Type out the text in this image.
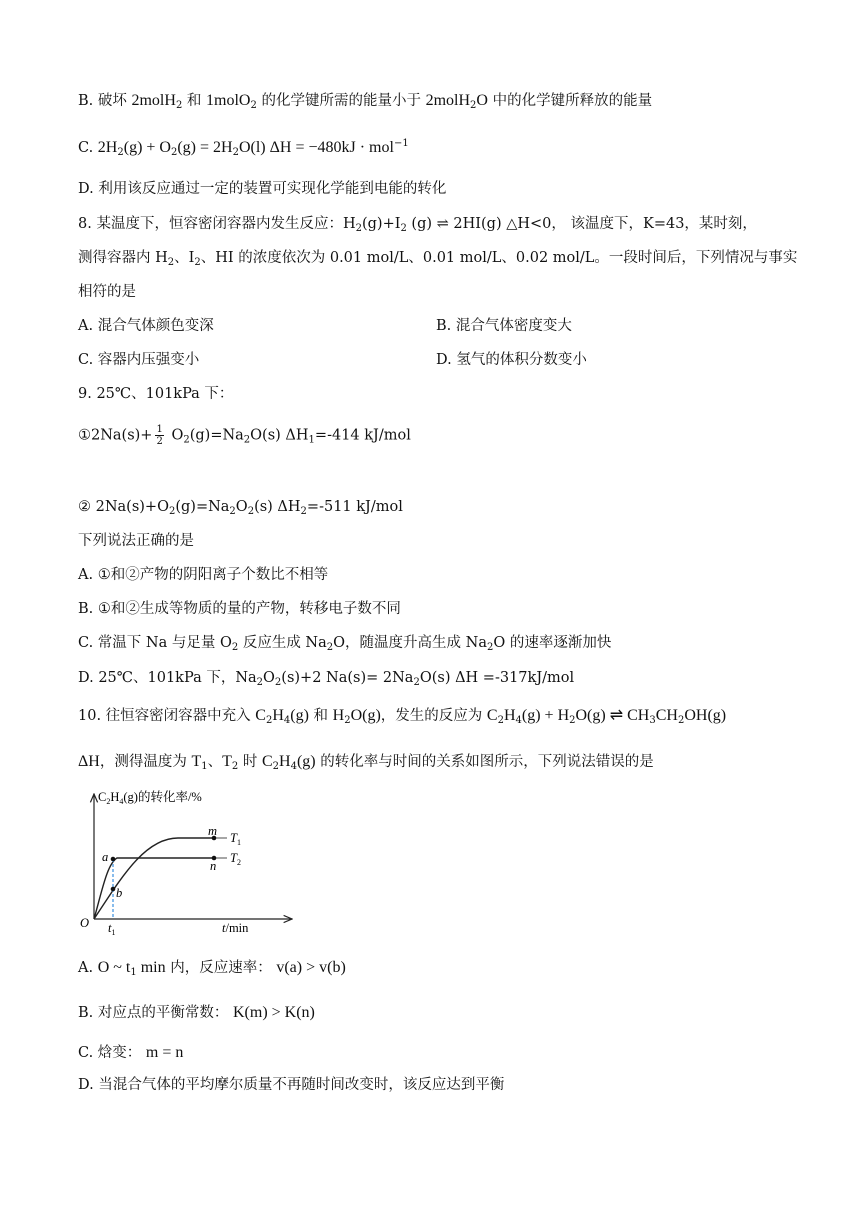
B. 破坏 2molH$_2$ 和 1molO$_2$ 的化学键所需的能量小于 2molH$_2$O 中的化学键所释放的能量
C. $2H_2(g) + O_2(g) = 2H_2O(l) \Delta H = -480kJ \cdot mol^{-1}$
D. 利用该反应通过一定的装置可实现化学能到电能的转化
8. 某温度下，恒容密闭容器内发生反应：$H_2(g)+I_2$ (g) ⇌ 2HI(g) △H<0， 该温度下，K=43，某时刻，
测得容器内 $H_2$、$I_2$、HI 的浓度依次为 0.01 mol/L、0.01 mol/L、0.02 mol/L。一段时间后，下列情况与事实
相符的是
A. 混合气体颜色变深	B. 混合气体密度变大
C. 容器内压强变小	D. 氢气的体积分数变小
9. 25℃、101kPa 下：
①2Na(s)+ $\frac{1}{2} O_2(g)=Na_2O(s)$ $\Delta H_1=-414$ kJ/mol
② $2Na(s)+O_2(g)=Na_2O_2(s)$ $\Delta H_2=-511$ kJ/mol
下列说法正确的是
A. ①和②产物的阴阳离子个数比不相等
B. ①和②生成等物质的量的产物，转移电子数不同
C. 常温下 Na 与足量 $O_2$ 反应生成 $Na_2O$，随温度升高生成 $Na_2O$ 的速率逐渐加快
D. 25℃、101kPa 下，$Na_2O_2(s)+2$ $Na(s)= 2Na_2O(s)$ ΔH =-317kJ/mol
10. 往恒容密闭容器中充入 $C_2H_4(g)$ 和 $H_2O(g)$，发生的反应为 $C_2H_4(g) + H_2O(g)$ ⇌ $CH_3CH_2OH(g)$
ΔH，测得温度为 $T_1$、$T_2$ 时 $C_2H_4(g)$ 的转化率与时间的关系如图所示，下列说法错误的是
$C_2H_4(g)$的转化率/%
a
b
m
n
$T_1$
$T_2$
O $t_1$	t/min
A. O ~ $t_1$ min 内，反应速率： v(a) > v(b)
B. 对应点的平衡常数： K(m) > K(n)
C. 焓变： m = n
D. 当混合气体的平均摩尔质量不再随时间改变时，该反应达到平衡
